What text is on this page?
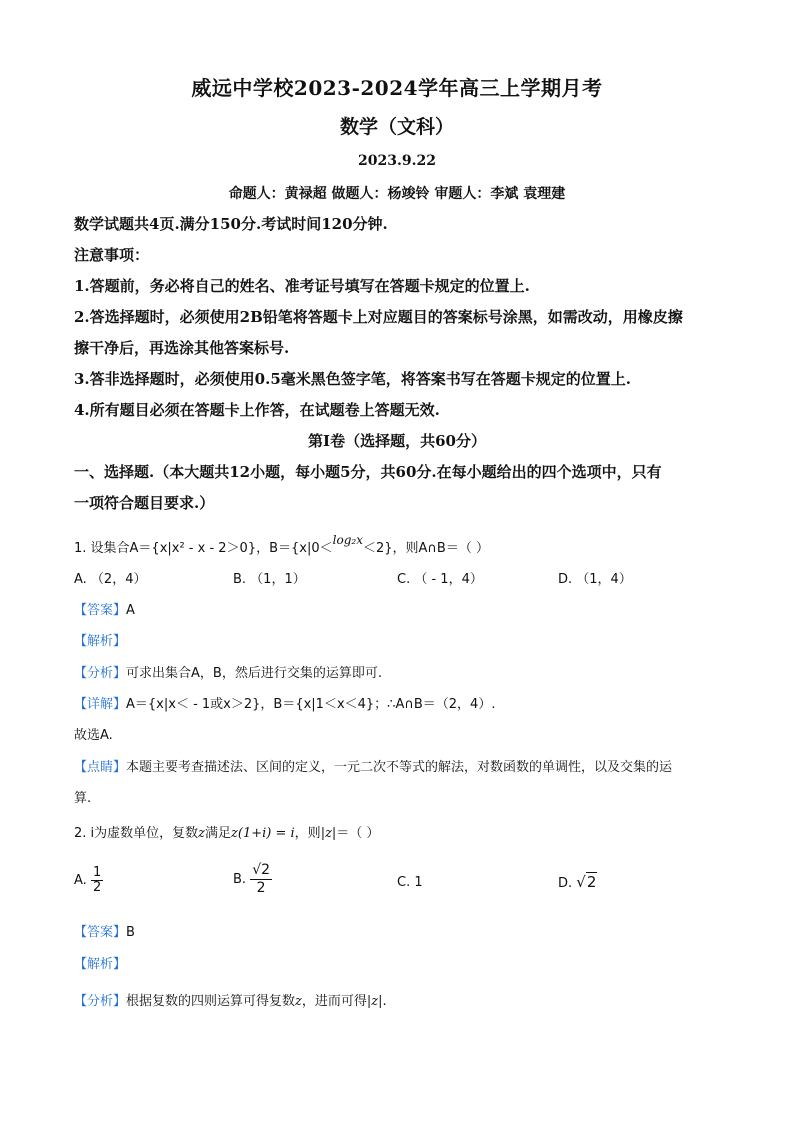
威远中学校2023-2024学年高三上学期月考
数学（文科）
2023.9.22
命题人：黄禄超 做题人：杨竣铃 审题人：李斌 袁理建
数学试题共4页.满分150分.考试时间120分钟.
注意事项：
1.答题前，务必将自己的姓名、准考证号填写在答题卡规定的位置上.
2.答选择题时，必须使用2B铅笔将答题卡上对应题目的答案标号涂黑，如需改动，用橡皮擦
擦干净后，再选涂其他答案标号.
3.答非选择题时，必须使用0.5毫米黑色签字笔，将答案书写在答题卡规定的位置上.
4.所有题目必须在答题卡上作答，在试题卷上答题无效.
第Ⅰ卷（选择题，共60分）
一、选择题.（本大题共12小题，每小题5分，共60分.在每小题给出的四个选项中，只有
一项符合题目要求.）
1. 设集合A＝{x|x² - x - 2＞0}，B＝{x|0＜log₂x＜2}，则A∩B＝（ ）
A. （2，4）	B. （1，1）	C. （ - 1，4）	D. （1，4）
【答案】A
【解析】
【分析】可求出集合A，B，然后进行交集的运算即可.
【详解】A＝{x|x＜ - 1或x＞2}，B＝{x|1＜x＜4}；∴A∩B＝（2，4）.
故选A.
【点睛】本题主要考查描述法、区间的定义，一元二次不等式的解法，对数函数的单调性，以及交集的运
算.
2. i为虚数单位，复数z满足z(1+i) = i，则|z|＝（ ）
A. $\frac{1}{2}$	B. $\frac{√2}{2}$	C. 1	D. √2
【答案】B
【解析】
【分析】根据复数的四则运算可得复数z，进而可得|z|.
